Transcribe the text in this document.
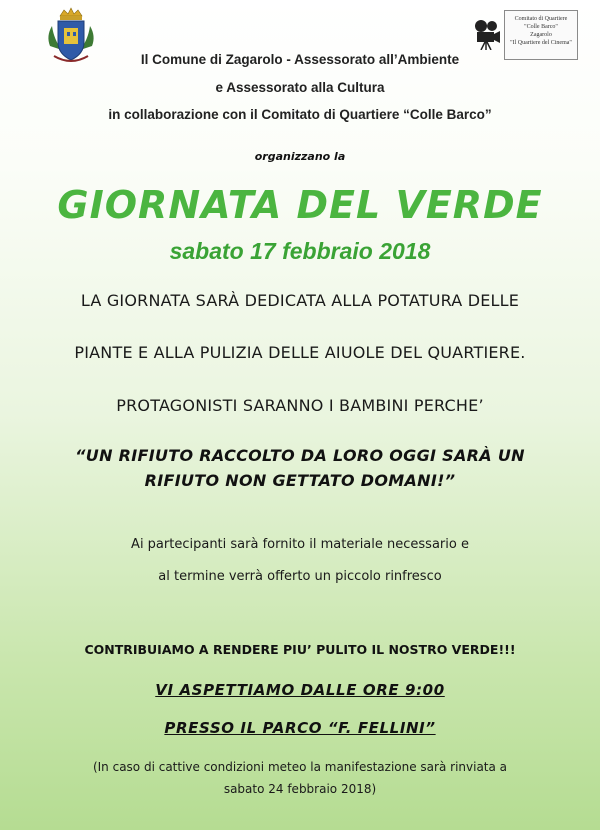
Comitato di Quartiere
"Colle Barco"
Zagarolo
"Il Quartiere del Cinema"
Il Comune di Zagarolo - Assessorato all’Ambiente
e Assessorato alla Cultura
in collaborazione con il Comitato di Quartiere “Colle Barco”
organizzano la
GIORNATA DEL VERDE
sabato 17 febbraio 2018
LA GIORNATA SARÀ DEDICATA ALLA POTATURA DELLE
PIANTE E ALLA PULIZIA DELLE AIUOLE DEL QUARTIERE.
PROTAGONISTI SARANNO I BAMBINI PERCHE’
“UN RIFIUTO RACCOLTO DA LORO OGGI SARÀ UN
RIFIUTO NON GETTATO DOMANI!”
Ai partecipanti sarà fornito il materiale necessario e
al termine verrà offerto un piccolo rinfresco
CONTRIBUIAMO A RENDERE PIU’ PULITO IL NOSTRO VERDE!!!
VI ASPETTIAMO DALLE ORE 9:00
PRESSO IL PARCO “F. FELLINI”
(In caso di cattive condizioni meteo la manifestazione sarà rinviata a
sabato 24 febbraio 2018)
